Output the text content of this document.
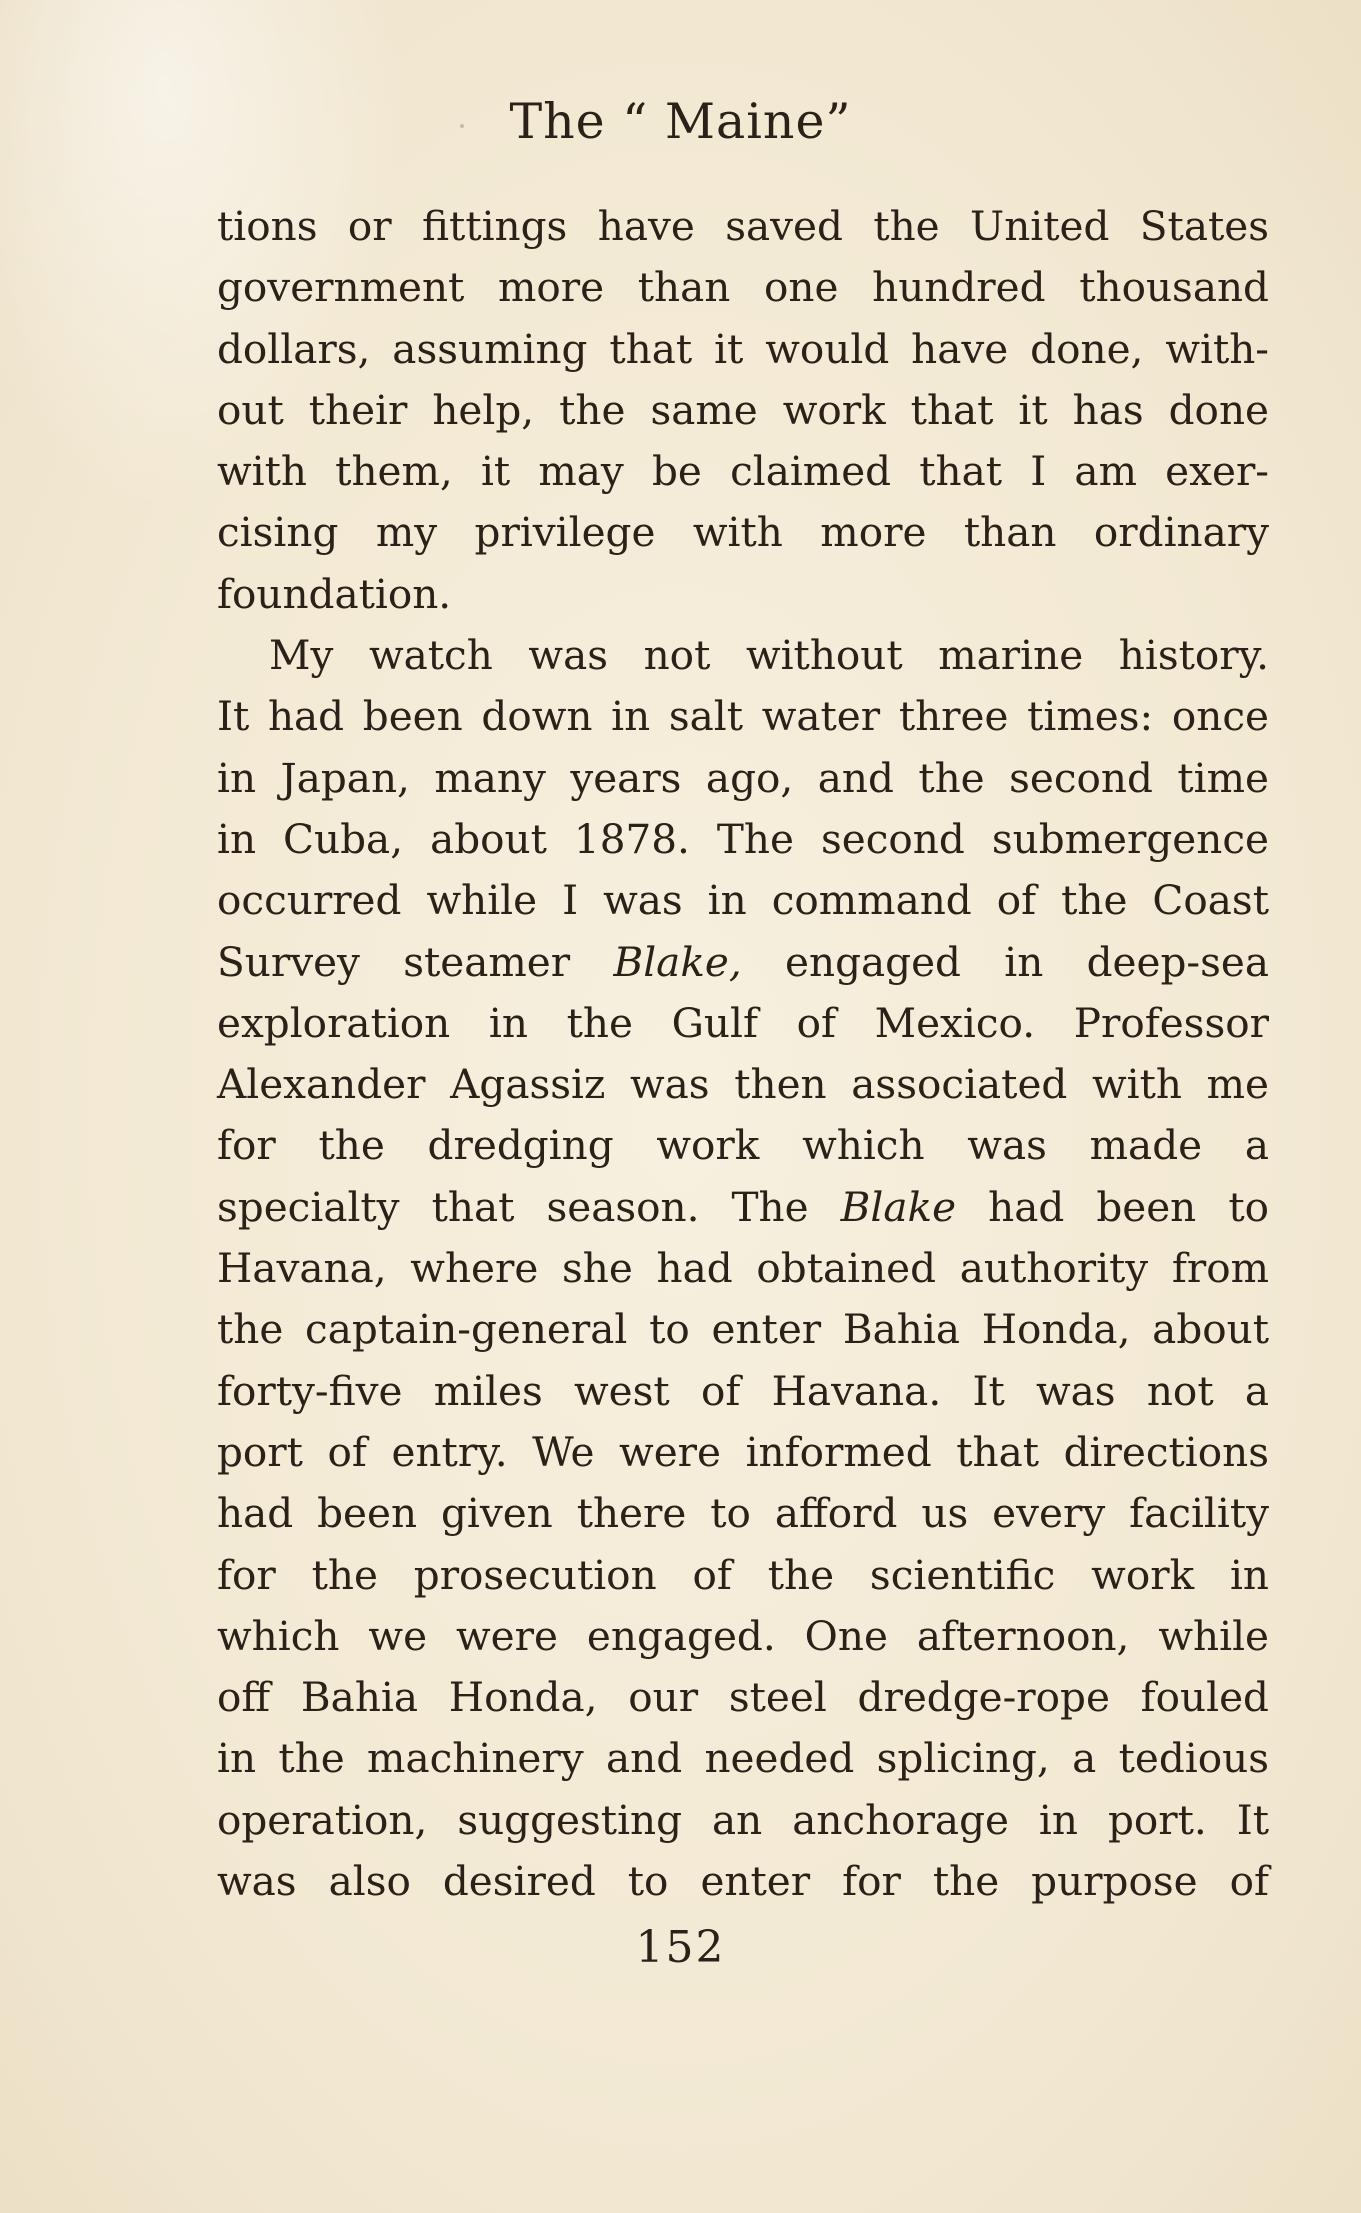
The “ Maine”
tions or fittings have saved the United States
government more than one hundred thousand
dollars, assuming that it would have done, with-
out their help, the same work that it has done
with them, it may be claimed that I am exer-
cising my privilege with more than ordinary
foundation.
My watch was not without marine history.
It had been down in salt water three times: once
in Japan, many years ago, and the second time
in Cuba, about 1878. The second submergence
occurred while I was in command of the Coast
Survey steamer Blake, engaged in deep-sea
exploration in the Gulf of Mexico. Professor
Alexander Agassiz was then associated with me
for the dredging work which was made a
specialty that season. The Blake had been to
Havana, where she had obtained authority from
the captain-general to enter Bahia Honda, about
forty-five miles west of Havana. It was not a
port of entry. We were informed that directions
had been given there to afford us every facility
for the prosecution of the scientific work in
which we were engaged. One afternoon, while
off Bahia Honda, our steel dredge-rope fouled
in the machinery and needed splicing, a tedious
operation, suggesting an anchorage in port. It
was also desired to enter for the purpose of
152
